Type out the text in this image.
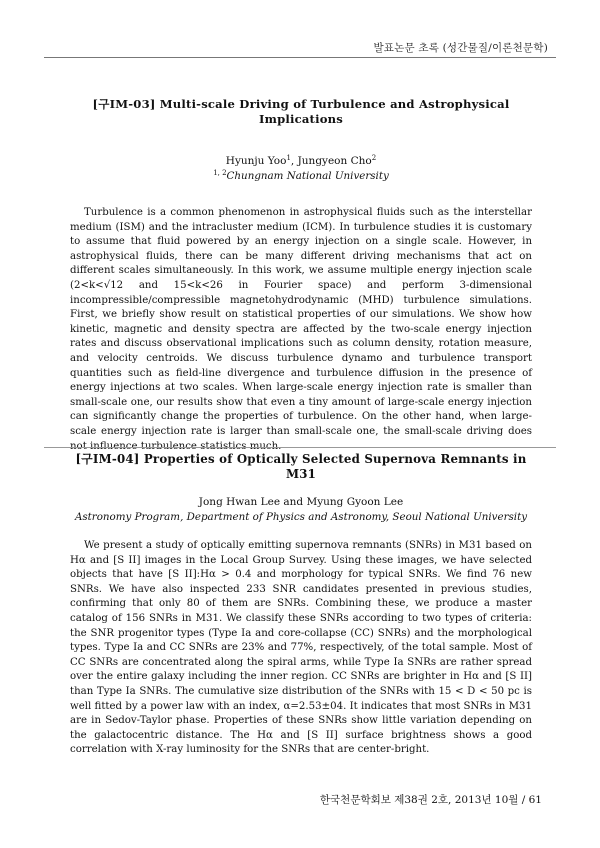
발표논문 초록 (성간물질/이론천문학)
[구IM-03] Multi-scale Driving of Turbulence and Astrophysical Implications

Hyunju Yoo$^1$, Jungyeon Cho$^2$

$^{1, 2}$Chungnam National University

Turbulence is a common phenomenon in astrophysical fluids such as the interstellar medium (ISM) and the intracluster medium (ICM). In turbulence studies it is customary to assume that fluid powered by an energy injection on a single scale. However, in astrophysical fluids, there can be many different driving mechanisms that act on different scales simultaneously. In this work, we assume multiple energy injection scale (2<k<√12 and 15<k<26 in Fourier space) and perform 3-dimensional incompressible/compressible magnetohydrodynamic (MHD) turbulence simulations. First, we briefly show result on statistical properties of our simulations. We show how kinetic, magnetic and density spectra are affected by the two-scale energy injection rates and discuss observational implications such as column density, rotation measure, and velocity centroids. We discuss turbulence dynamo and turbulence transport quantities such as field-line divergence and turbulence diffusion in the presence of energy injections at two scales. When large-scale energy injection rate is smaller than small-scale one, our results show that even a tiny amount of large-scale energy injection can significantly change the properties of turbulence. On the other hand, when large-scale energy injection rate is larger than small-scale one, the small-scale driving does not influence turbulence statistics much.

[구IM-04] Properties of Optically Selected Supernova Remnants in M31

Jong Hwan Lee and Myung Gyoon Lee

Astronomy Program, Department of Physics and Astronomy, Seoul National University

We present a study of optically emitting supernova remnants (SNRs) in M31 based on Hα and [S II] images in the Local Group Survey. Using these images, we have selected objects that have [S II]:Hα > 0.4 and morphology for typical SNRs. We find 76 new SNRs. We have also inspected 233 SNR candidates presented in previous studies, confirming that only 80 of them are SNRs. Combining these, we produce a master catalog of 156 SNRs in M31. We classify these SNRs according to two types of criteria: the SNR progenitor types (Type Ia and core-collapse (CC) SNRs) and the morphological types. Type Ia and CC SNRs are 23% and 77%, respectively, of the total sample. Most of CC SNRs are concentrated along the spiral arms, while Type Ia SNRs are rather spread over the entire galaxy including the inner region. CC SNRs are brighter in Hα and [S II] than Type Ia SNRs. The cumulative size distribution of the SNRs with 15 < D < 50 pc is well fitted by a power law with an index, α=2.53±04. It indicates that most SNRs in M31 are in Sedov-Taylor phase. Properties of these SNRs show little variation depending on the galactocentric distance. The Hα and [S II] surface brightness shows a good correlation with X-ray luminosity for the SNRs that are center-bright.

한국천문학회보 제38권 2호, 2013년 10월 / 61
